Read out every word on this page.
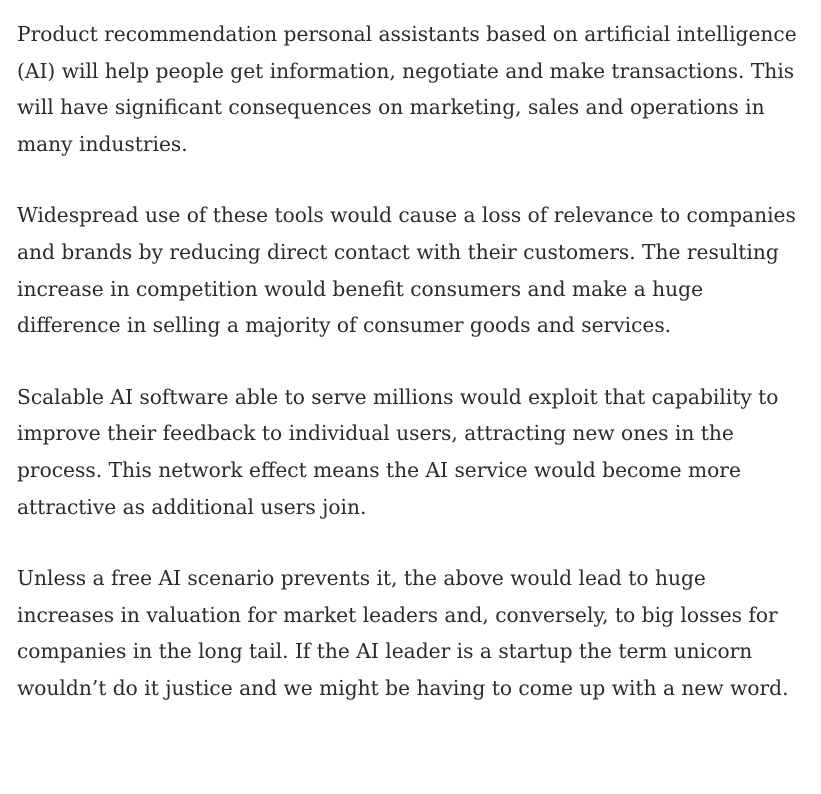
Product recommendation personal assistants based on artificial intelligence (AI) will help people get information, negotiate and make transactions. This will have significant consequences on marketing, sales and operations in many industries.

Widespread use of these tools would cause a loss of relevance to companies and brands by reducing direct contact with their customers. The resulting increase in competition would benefit consumers and make a huge difference in selling a majority of consumer goods and services.

Scalable AI software able to serve millions would exploit that capability to improve their feedback to individual users, attracting new ones in the process. This network effect means the AI service would become more attractive as additional users join.

Unless a free AI scenario prevents it, the above would lead to huge increases in valuation for market leaders and, conversely, to big losses for companies in the long tail. If the AI leader is a startup the term unicorn wouldn’t do it justice and we might be having to come up with a new word.
